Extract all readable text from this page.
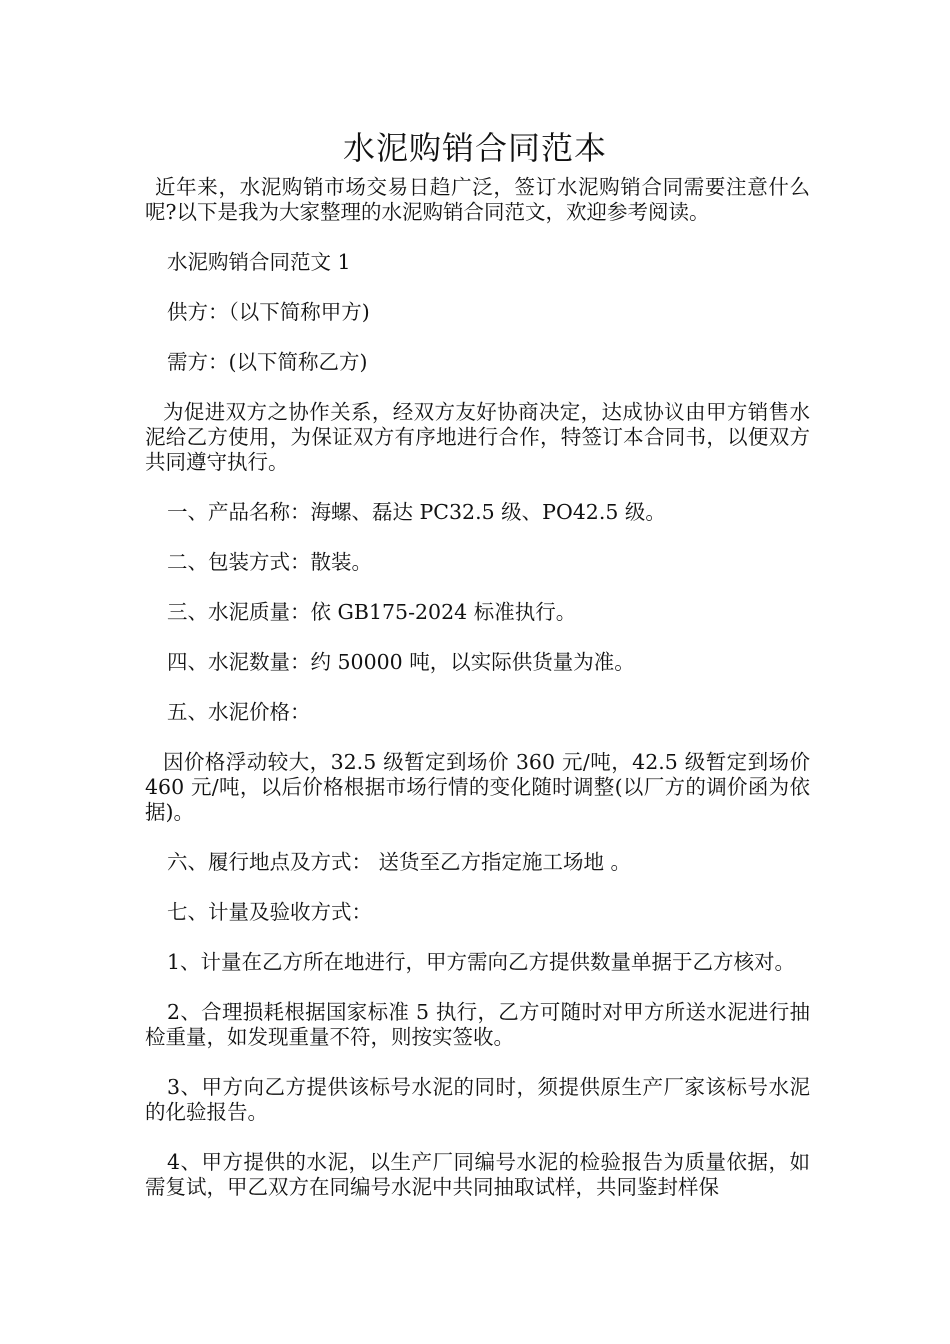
水泥购销合同范本

近年来，水泥购销市场交易日趋广泛，签订水泥购销合同需要注意什么呢?以下是我为大家整理的水泥购销合同范文，欢迎参考阅读。

水泥购销合同范文 1

供方：（以下简称甲方)

需方：(以下简称乙方)

为促进双方之协作关系，经双方友好协商决定，达成协议由甲方销售水泥给乙方使用，为保证双方有序地进行合作，特签订本合同书，以便双方共同遵守执行。

一、产品名称：海螺、磊达 PC32.5 级、PO42.5 级。

二、包装方式：散装。

三、水泥质量：依 GB175-2024 标准执行。

四、水泥数量：约 50000 吨，以实际供货量为准。

五、水泥价格：

因价格浮动较大，32.5 级暂定到场价 360 元/吨，42.5 级暂定到场价 460 元/吨，以后价格根据市场行情的变化随时调整(以厂方的调价函为依据)。

六、履行地点及方式： 送货至乙方指定施工场地 。

七、计量及验收方式：

1、计量在乙方所在地进行，甲方需向乙方提供数量单据于乙方核对。

2、合理损耗根据国家标准 5 执行，乙方可随时对甲方所送水泥进行抽检重量，如发现重量不符，则按实签收。

3、甲方向乙方提供该标号水泥的同时，须提供原生产厂家该标号水泥的化验报告。

4、甲方提供的水泥，以生产厂同编号水泥的检验报告为质量依据，如需复试，甲乙双方在同编号水泥中共同抽取试样，共同鉴封样保
